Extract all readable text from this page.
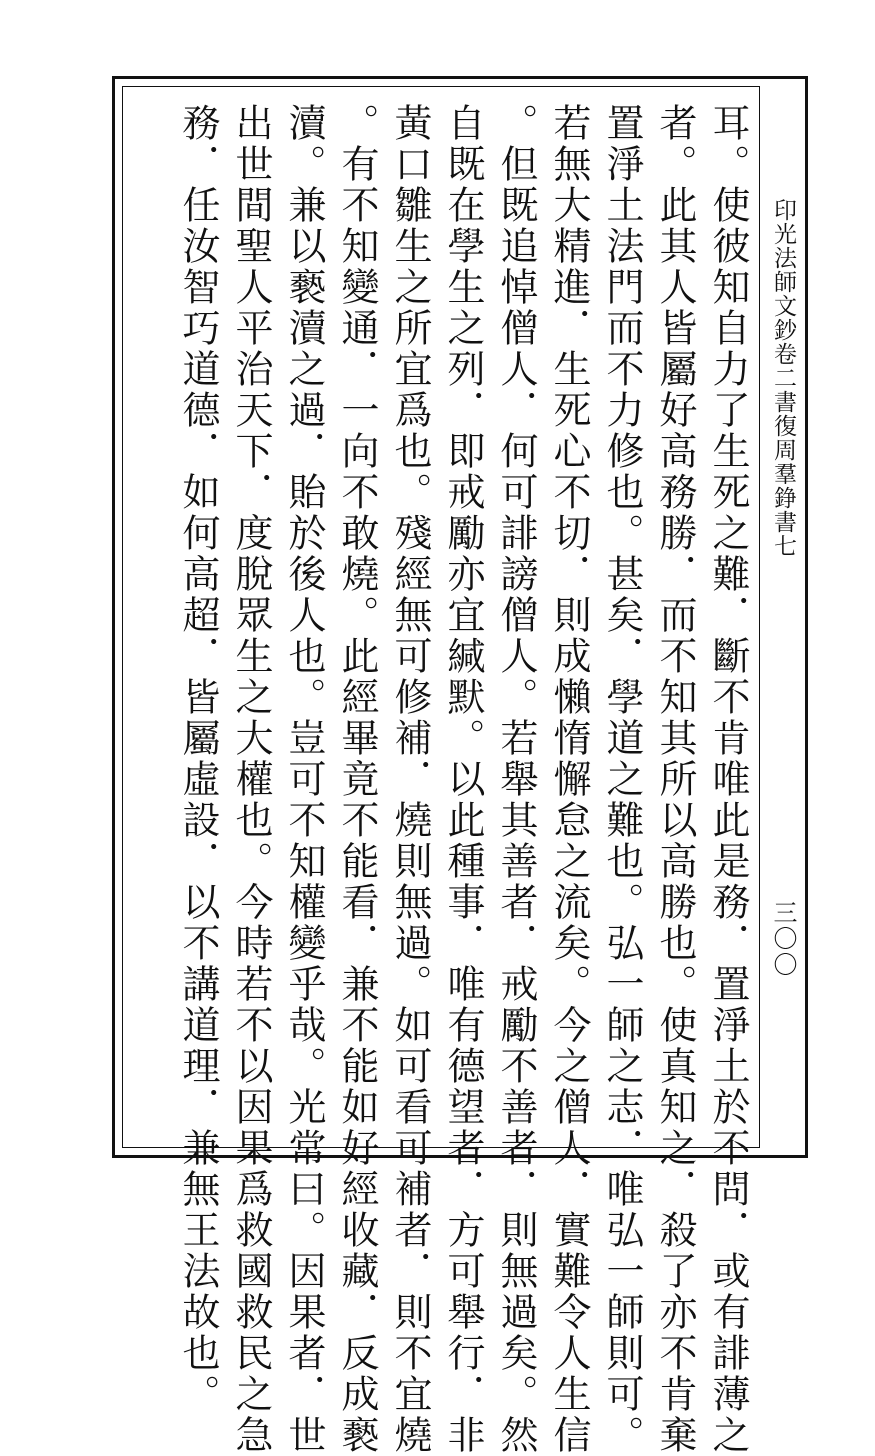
印光法師文鈔卷二書復周羣錚書七
三〇〇
耳。使彼知自力了生死之難．斷不肯唯此是務．置淨土於不問．或有誹薄之
者。此其人皆屬好高務勝．而不知其所以高勝也。使真知之．殺了亦不肯棄
置淨土法門而不力修也。甚矣．學道之難也。弘一師之志．唯弘一師則可。
若無大精進．生死心不切．則成懶惰懈怠之流矣。今之僧人．實難令人生信
。但既追悼僧人．何可誹謗僧人。若舉其善者．戒勵不善者．則無過矣。然
自既在學生之列．即戒勵亦宜緘默。以此種事．唯有德望者．方可舉行．非
黃口雛生之所宜爲也。殘經無可修補．燒則無過。如可看可補者．則不宜燒
。有不知變通．一向不敢燒。此經畢竟不能看．兼不能如好經收藏．反成褻
瀆。兼以褻瀆之過．貽於後人也。豈可不知權變乎哉。光常曰。因果者．世
出世間聖人平治天下．度脫眾生之大權也。今時若不以因果爲救國救民之急
務．任汝智巧道德．如何高超．皆屬虛設．以不講道理．兼無王法故也。
